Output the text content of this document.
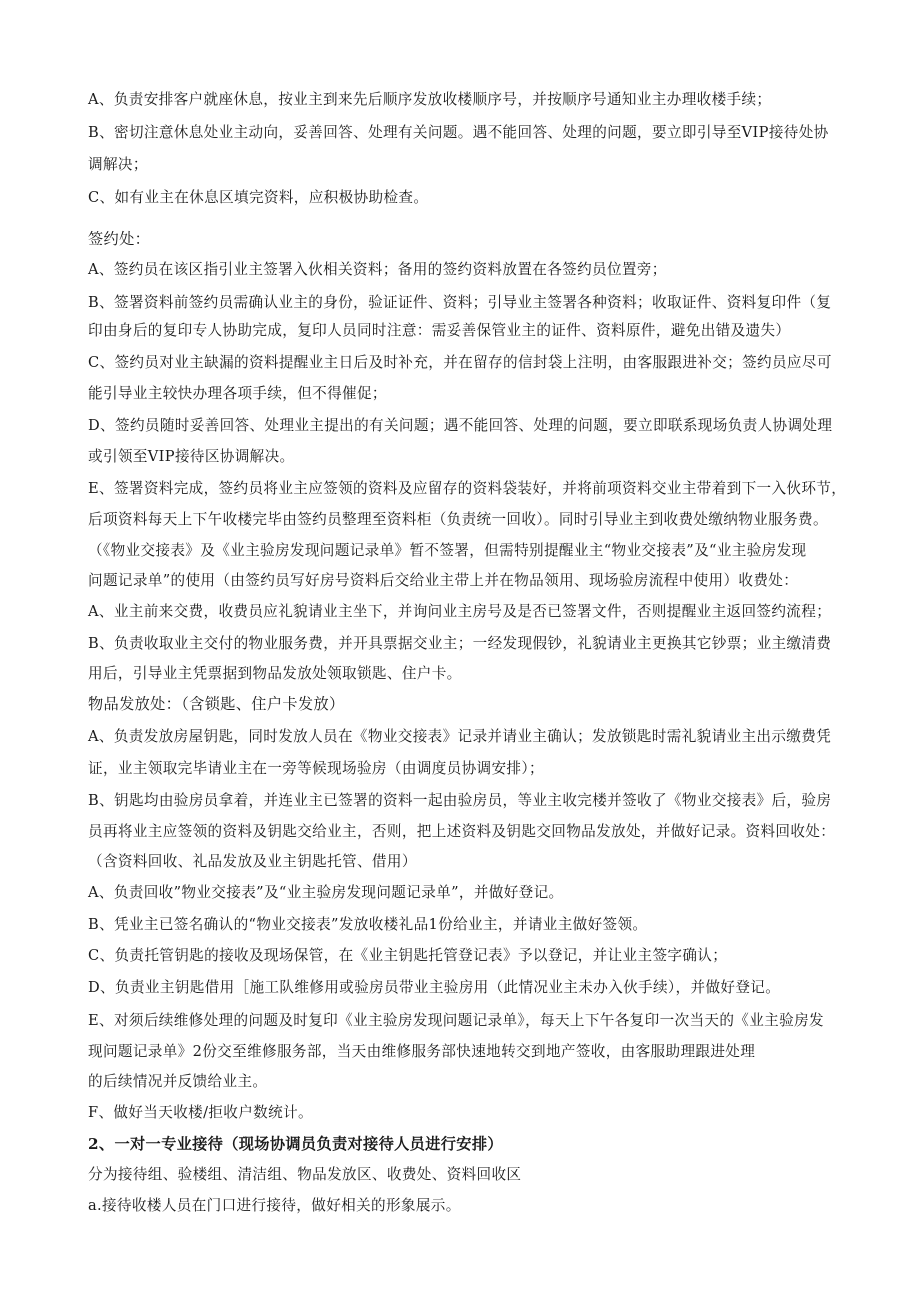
A、负责安排客户就座休息，按业主到来先后顺序发放收楼顺序号，并按顺序号通知业主办理收楼手续；
B、密切注意休息处业主动向，妥善回答、处理有关问题。遇不能回答、处理的问题，要立即引导至VIP接待处协
调解决；
C、如有业主在休息区填完资料，应积极协助检查。
签约处：
A、签约员在该区指引业主签署入伙相关资料；备用的签约资料放置在各签约员位置旁；
B、签署资料前签约员需确认业主的身份，验证证件、资料；引导业主签署各种资料；收取证件、资料复印件（复
印由身后的复印专人协助完成，复印人员同时注意：需妥善保管业主的证件、资料原件，避免出错及遗失）
C、签约员对业主缺漏的资料提醒业主日后及时补充，并在留存的信封袋上注明，由客服跟进补交；签约员应尽可
能引导业主较快办理各项手续，但不得催促；
D、签约员随时妥善回答、处理业主提出的有关问题；遇不能回答、处理的问题，要立即联系现场负责人协调处理
或引领至VIP接待区协调解决。
E、签署资料完成，签约员将业主应签领的资料及应留存的资料袋装好，并将前项资料交业主带着到下一入伙环节，
后项资料每天上下午收楼完毕由签约员整理至资料柜（负责统一回收）。同时引导业主到收费处缴纳物业服务费。
（《物业交接表》及《业主验房发现问题记录单》暂不签署，但需特别提醒业主“物业交接表”及“业主验房发现
问题记录单”的使用（由签约员写好房号资料后交给业主带上并在物品领用、现场验房流程中使用）收费处：
A、业主前来交费，收费员应礼貌请业主坐下，并询问业主房号及是否已签署文件，否则提醒业主返回签约流程；
B、负责收取业主交付的物业服务费，并开具票据交业主；一经发现假钞，礼貌请业主更换其它钞票；业主缴清费
用后，引导业主凭票据到物品发放处领取锁匙、住户卡。
物品发放处：（含锁匙、住户卡发放）
A、负责发放房屋钥匙，同时发放人员在《物业交接表》记录并请业主确认；发放锁匙时需礼貌请业主出示缴费凭
证，业主领取完毕请业主在一旁等候现场验房（由调度员协调安排）；
B、钥匙均由验房员拿着，并连业主已签署的资料一起由验房员，等业主收完楼并签收了《物业交接表》后，验房
员再将业主应签领的资料及钥匙交给业主，否则，把上述资料及钥匙交回物品发放处，并做好记录。资料回收处：
（含资料回收、礼品发放及业主钥匙托管、借用）
A、负责回收”物业交接表”及“业主验房发现问题记录单”，并做好登记。
B、凭业主已签名确认的“物业交接表”发放收楼礼品1份给业主，并请业主做好签领。
C、负责托管钥匙的接收及现场保管，在《业主钥匙托管登记表》予以登记，并让业主签字确认；
D、负责业主钥匙借用［施工队维修用或验房员带业主验房用（此情况业主未办入伙手续），并做好登记。
E、对须后续维修处理的问题及时复印《业主验房发现问题记录单》，每天上下午各复印一次当天的《业主验房发
现问题记录单》2份交至维修服务部，当天由维修服务部快速地转交到地产签收，由客服助理跟进处理
的后续情况并反馈给业主。
F、做好当天收楼/拒收户数统计。
2、一对一专业接待（现场协调员负责对接待人员进行安排）
分为接待组、验楼组、清洁组、物品发放区、收费处、资料回收区
a.接待收楼人员在门口进行接待，做好相关的形象展示。
